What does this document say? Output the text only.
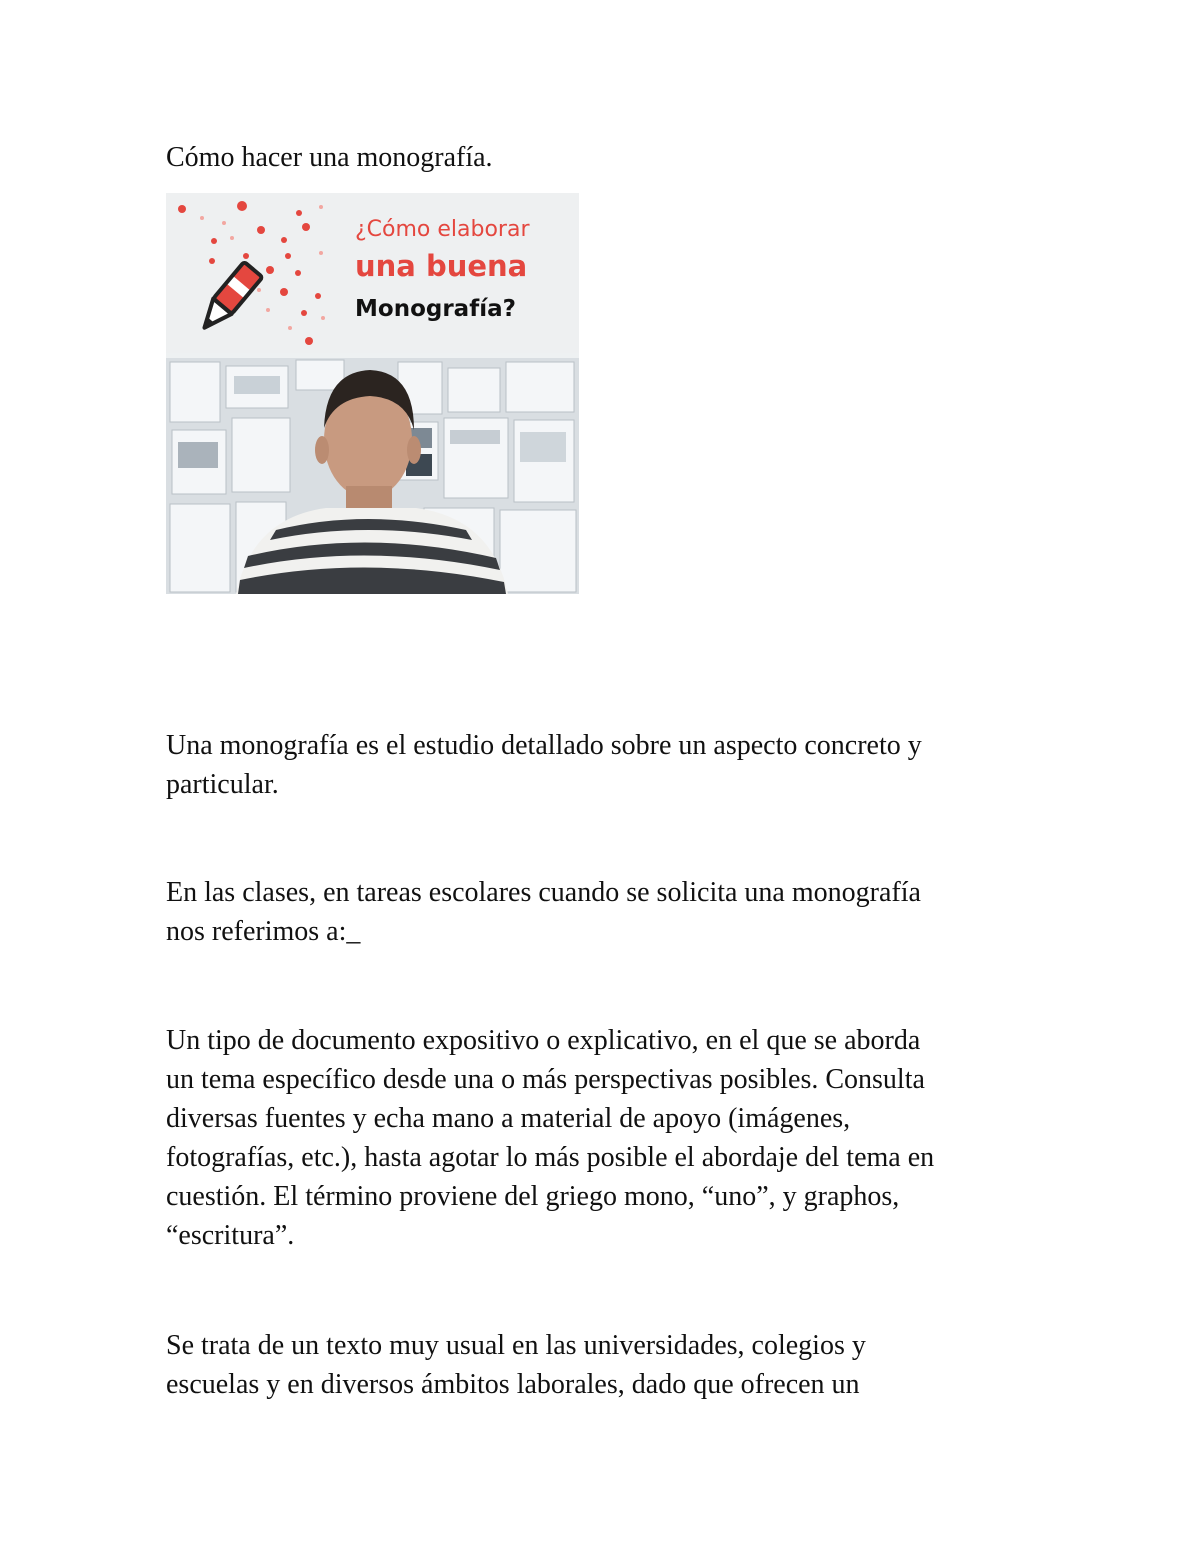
Cómo hacer una monografía.
¿Cómo elaborar
una buena
Monografía?
Una monografía es el estudio detallado sobre un aspecto concreto y
particular.
En las clases, en tareas escolares cuando se solicita una monografía
nos referimos a:_
Un tipo de documento expositivo o explicativo, en el que se aborda
un tema específico desde una o más perspectivas posibles. Consulta
diversas fuentes y echa mano a material de apoyo (imágenes,
fotografías, etc.), hasta agotar lo más posible el abordaje del tema en
cuestión. El término proviene del griego mono, “uno”, y graphos,
“escritura”.
Se trata de un texto muy usual en las universidades, colegios y
escuelas y en diversos ámbitos laborales, dado que ofrecen un
